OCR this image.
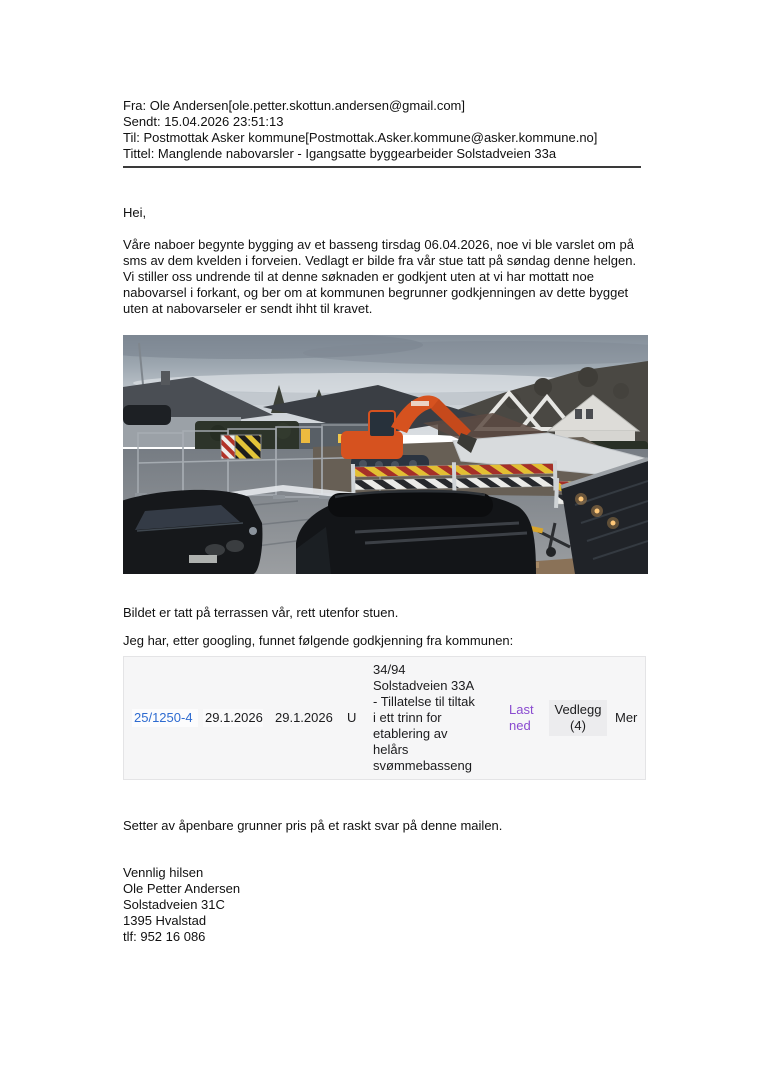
Fra: Ole Andersen[ole.petter.skottun.andersen@gmail.com]
Sendt: 15.04.2026 23:51:13
Til: Postmottak Asker kommune[Postmottak.Asker.kommune@asker.kommune.no]
Tittel: Manglende nabovarsler - Igangsatte byggearbeider Solstadveien 33a
Hei,
Våre naboer begynte bygging av et basseng tirsdag 06.04.2026, noe vi ble varslet om på sms av dem kvelden i forveien. Vedlagt er bilde fra vår stue tatt på søndag denne helgen. Vi stiller oss undrende til at denne søknaden er godkjent uten at vi har mottatt noe nabovarsel i forkant, og ber om at kommunen begrunner godkjenningen av dette bygget uten at nabovarseler er sendt ihht til kravet.
Bildet er tatt på terrassen vår, rett utenfor stuen.
Jeg har, etter googling, funnet følgende godkjenning fra kommunen:
25/1250-4 29.1.2026 29.1.2026 U
34/94 Solstadveien 33A - Tillatelse til tiltak i ett trinn for etablering av helårs svømmebasseng
Last ned
Vedlegg (4)
Mer
Setter av åpenbare grunner pris på et raskt svar på denne mailen.
Vennlig hilsen
Ole Petter Andersen
Solstadveien 31C
1395 Hvalstad
tlf: 952 16 086
